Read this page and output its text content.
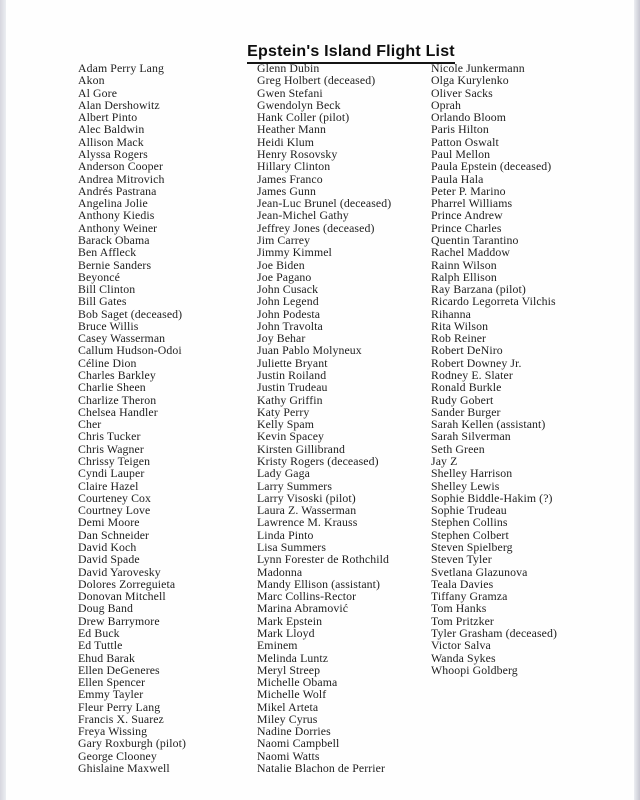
Epstein's Island Flight List
Adam Perry Lang
Akon
Al Gore
Alan Dershowitz
Albert Pinto
Alec Baldwin
Allison Mack
Alyssa Rogers
Anderson Cooper
Andrea Mitrovich
Andrés Pastrana
Angelina Jolie
Anthony Kiedis
Anthony Weiner
Barack Obama
Ben Affleck
Bernie Sanders
Beyoncé
Bill Clinton
Bill Gates
Bob Saget (deceased)
Bruce Willis
Casey Wasserman
Callum Hudson-Odoi
Céline Dion
Charles Barkley
Charlie Sheen
Charlize Theron
Chelsea Handler
Cher
Chris Tucker
Chris Wagner
Chrissy Teigen
Cyndi Lauper
Claire Hazel
Courteney Cox
Courtney Love
Demi Moore
Dan Schneider
David Koch
David Spade
David Yarovesky
Dolores Zorreguieta
Donovan Mitchell
Doug Band
Drew Barrymore
Ed Buck
Ed Tuttle
Ehud Barak
Ellen DeGeneres
Ellen Spencer
Emmy Tayler
Fleur Perry Lang
Francis X. Suarez
Freya Wissing
Gary Roxburgh (pilot)
George Clooney
Ghislaine Maxwell
Glenn Dubin
Greg Holbert (deceased)
Gwen Stefani
Gwendolyn Beck
Hank Coller (pilot)
Heather Mann
Heidi Klum
Henry Rosovsky
Hillary Clinton
James Franco
James Gunn
Jean-Luc Brunel (deceased)
Jean-Michel Gathy
Jeffrey Jones (deceased)
Jim Carrey
Jimmy Kimmel
Joe Biden
Joe Pagano
John Cusack
John Legend
John Podesta
John Travolta
Joy Behar
Juan Pablo Molyneux
Juliette Bryant
Justin Roiland
Justin Trudeau
Kathy Griffin
Katy Perry
Kelly Spam
Kevin Spacey
Kirsten Gillibrand
Kristy Rogers (deceased)
Lady Gaga
Larry Summers
Larry Visoski (pilot)
Laura Z. Wasserman
Lawrence M. Krauss
Linda Pinto
Lisa Summers
Lynn Forester de Rothchild
Madonna
Mandy Ellison (assistant)
Marc Collins-Rector
Marina Abramović
Mark Epstein
Mark Lloyd
Eminem
Melinda Luntz
Meryl Streep
Michelle Obama
Michelle Wolf
Mikel Arteta
Miley Cyrus
Nadine Dorries
Naomi Campbell
Naomi Watts
Natalie Blachon de Perrier
Nicole Junkermann
Olga Kurylenko
Oliver Sacks
Oprah
Orlando Bloom
Paris Hilton
Patton Oswalt
Paul Mellon
Paula Epstein (deceased)
Paula Hala
Peter P. Marino
Pharrel Williams
Prince Andrew
Prince Charles
Quentin Tarantino
Rachel Maddow
Rainn Wilson
Ralph Ellison
Ray Barzana (pilot)
Ricardo Legorreta Vilchis
Rihanna
Rita Wilson
Rob Reiner
Robert DeNiro
Robert Downey Jr.
Rodney E. Slater
Ronald Burkle
Rudy Gobert
Sander Burger
Sarah Kellen (assistant)
Sarah Silverman
Seth Green
Jay Z
Shelley Harrison
Shelley Lewis
Sophie Biddle-Hakim (?)
Sophie Trudeau
Stephen Collins
Stephen Colbert
Steven Spielberg
Steven Tyler
Svetlana Glazunova
Teala Davies
Tiffany Gramza
Tom Hanks
Tom Pritzker
Tyler Grasham (deceased)
Victor Salva
Wanda Sykes
Whoopi Goldberg
